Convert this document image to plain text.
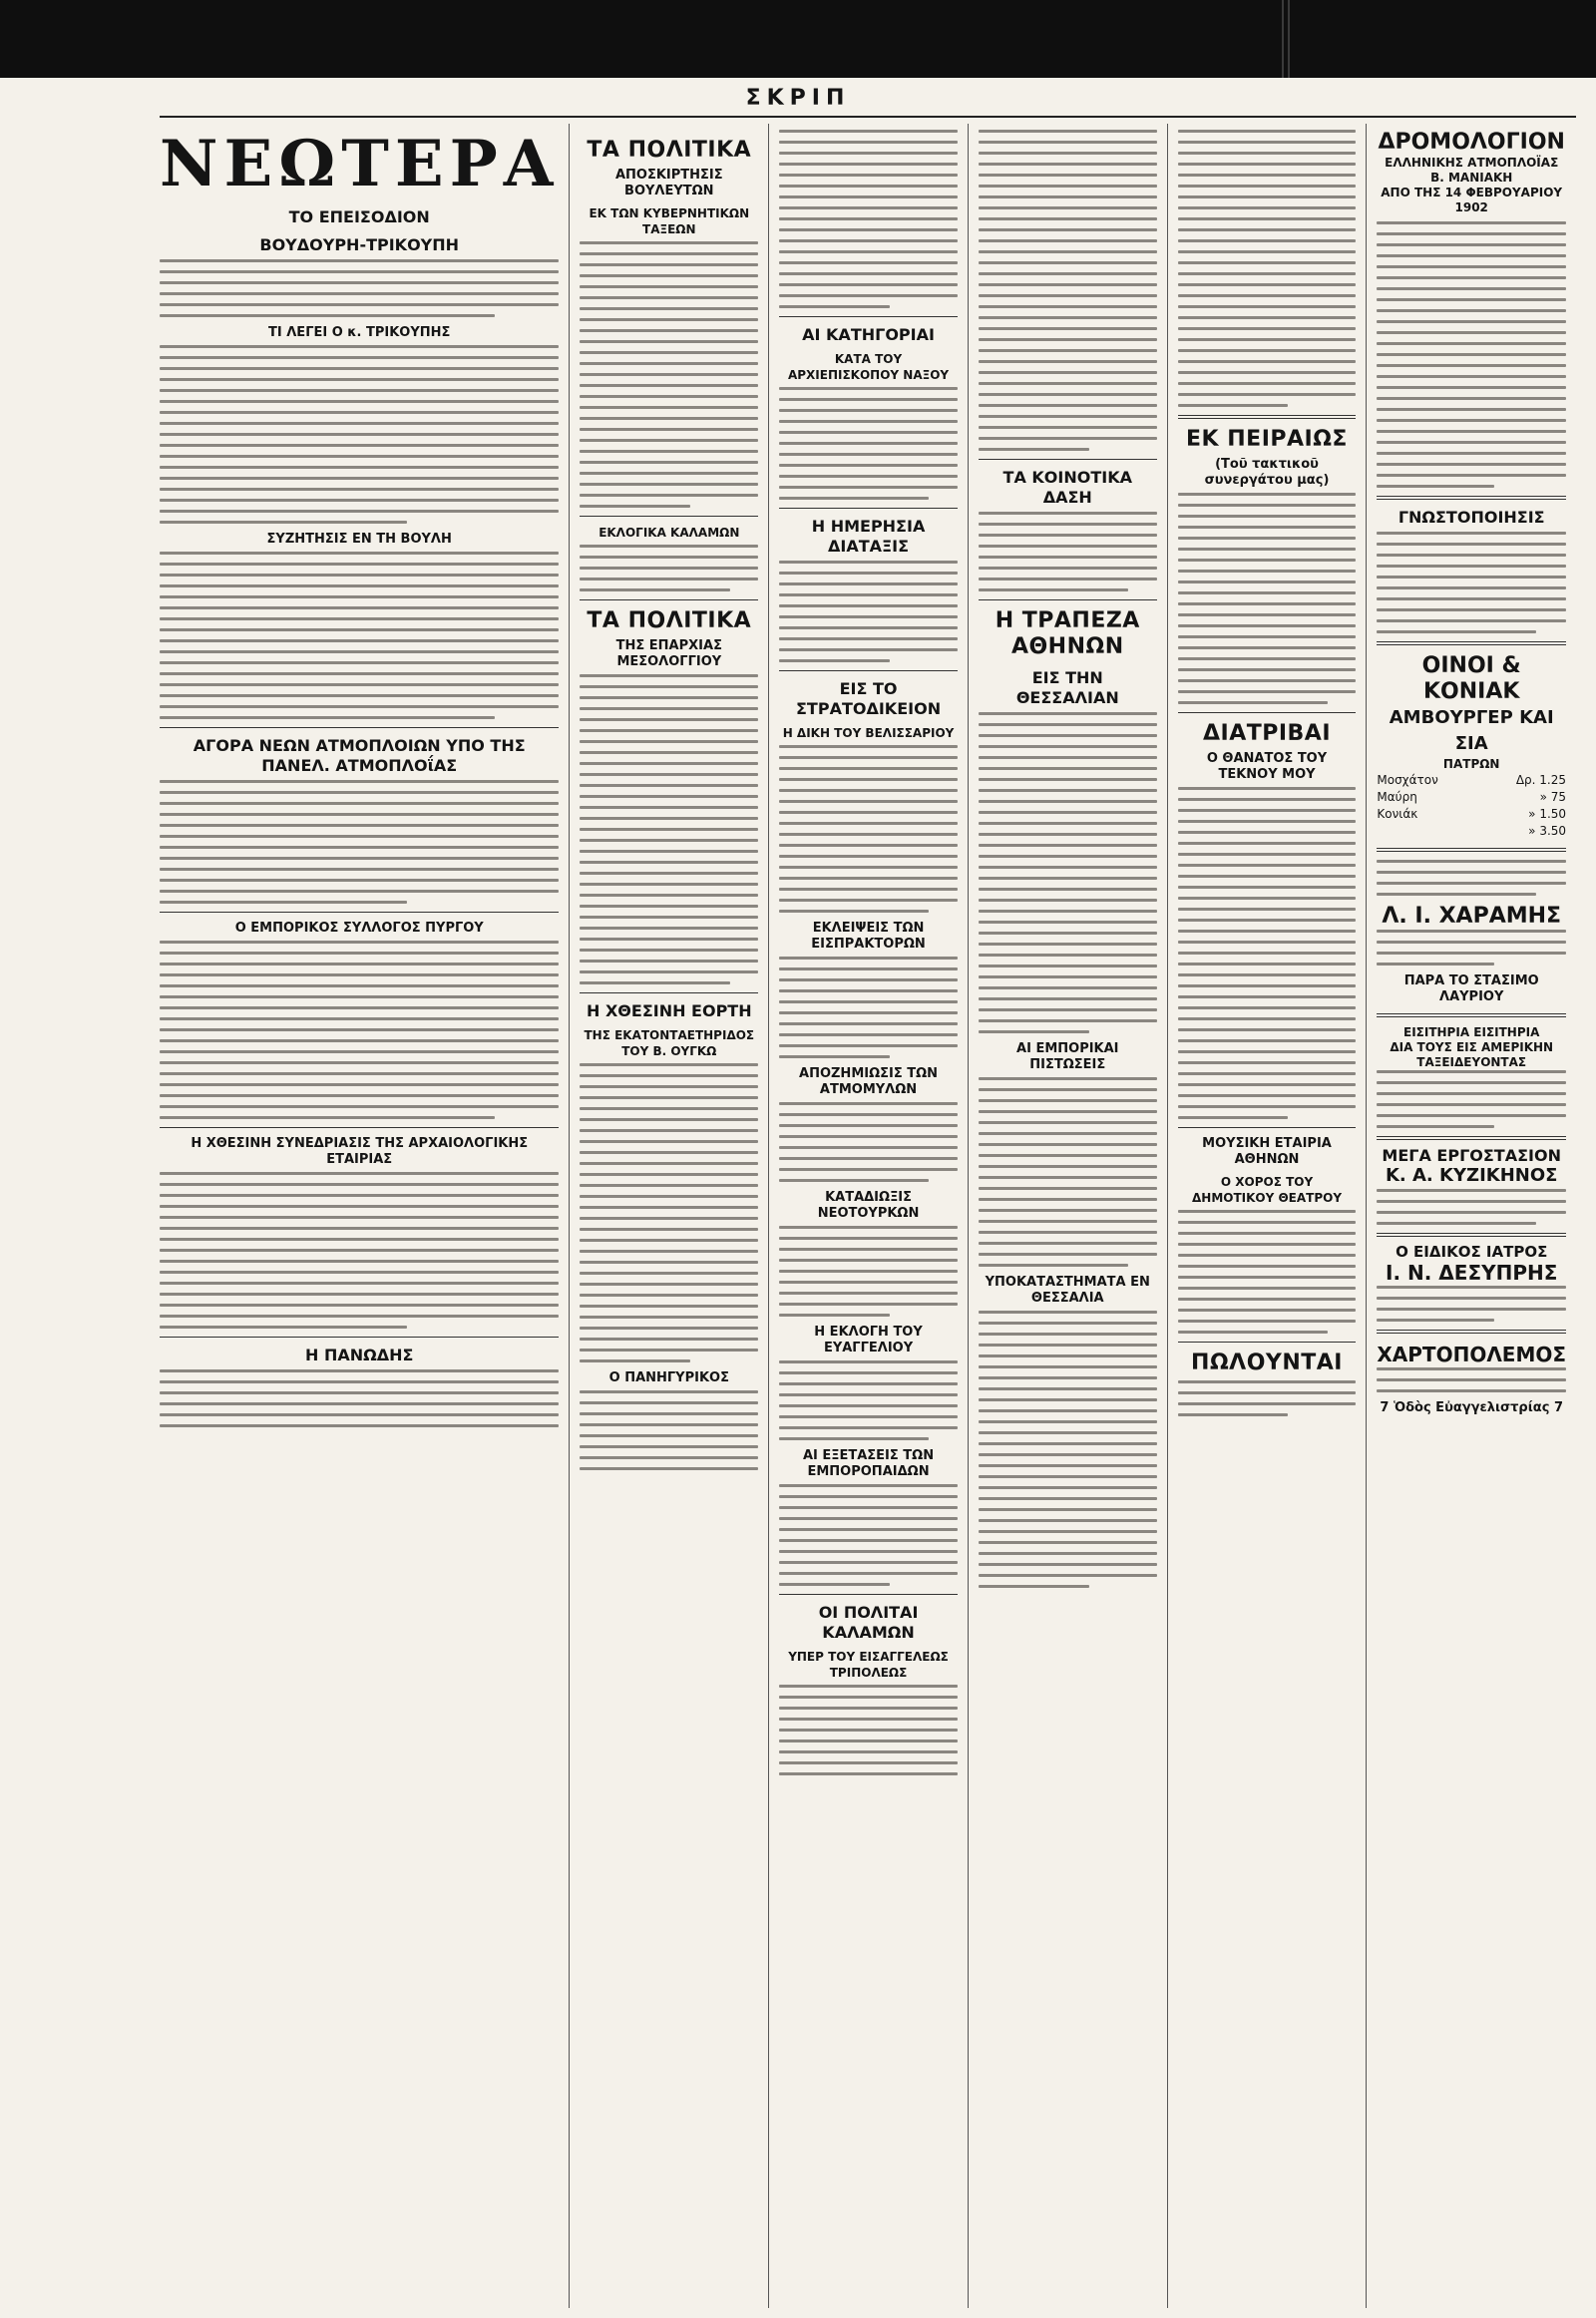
ΣΚΡΙΠ
ΝΕΩΤΕΡΑ
ΤΟ ΕΠΕΙΣΟΔΙΟΝ
ΒΟΥΔΟΥΡΗ-ΤΡΙΚΟΥΠΗ
ΤΙ ΛΕΓΕΙ Ο κ. ΤΡΙΚΟΥΠΗΣ
ΣΥΖΗΤΗΣΙΣ ΕΝ ΤΗ ΒΟΥΛΗ
ΑΓΟΡΑ ΝΕΩΝ ΑΤΜΟΠΛΟΙΩΝ ΥΠΟ ΤΗΣ ΠΑΝΕΛ. ΑΤΜΟΠΛΟΐΑΣ
Ο ΕΜΠΟΡΙΚΟΣ ΣΥΛΛΟΓΟΣ ΠΥΡΓΟΥ
Η ΧΘΕΣΙΝΗ ΣΥΝΕΔΡΙΑΣΙΣ ΤΗΣ ΑΡΧΑΙΟΛΟΓΙΚΗΣ ΕΤΑΙΡΙΑΣ
Η ΠΑΝΩΔΗΣ
ΤΑ ΠΟΛΙΤΙΚΑ
ΑΠΟΣΚΙΡΤΗΣΙΣ ΒΟΥΛΕΥΤΩΝ
ΕΚ ΤΩΝ ΚΥΒΕΡΝΗΤΙΚΩΝ ΤΑΞΕΩΝ
ΕΚΛΟΓΙΚΑ ΚΑΛΑΜΩΝ
ΤΑ ΠΟΛΙΤΙΚΑ
ΤΗΣ ΕΠΑΡΧΙΑΣ ΜΕΣΟΛΟΓΓΙΟΥ
Η ΧΘΕΣΙΝΗ ΕΟΡΤΗ
ΤΗΣ ΕΚΑΤΟΝΤΑΕΤΗΡΙΔΟΣ ΤΟΥ Β. ΟΥΓΚΩ
Ο ΠΑΝΗΓΥΡΙΚΟΣ
ΑΙ ΚΑΤΗΓΟΡΙΑΙ
ΚΑΤΑ ΤΟΥ ΑΡΧΙΕΠΙΣΚΟΠΟΥ ΝΑΞΟΥ
Η ΗΜΕΡΗΣΙΑ ΔΙΑΤΑΞΙΣ
ΕΙΣ ΤΟ ΣΤΡΑΤΟΔΙΚΕΙΟΝ
Η ΔΙΚΗ ΤΟΥ ΒΕΛΙΣΣΑΡΙΟΥ
ΕΚΛΕΙΨΕΙΣ ΤΩΝ ΕΙΣΠΡΑΚΤΟΡΩΝ
ΑΠΟΖΗΜΙΩΣΙΣ ΤΩΝ ΑΤΜΟΜΥΛΩΝ
ΚΑΤΑΔΙΩΞΙΣ ΝΕΟΤΟΥΡΚΩΝ
Η ΕΚΛΟΓΗ ΤΟΥ ΕΥΑΓΓΕΛΙΟΥ
ΑΙ ΕΞΕΤΑΣΕΙΣ ΤΩΝ ΕΜΠΟΡΟΠΑΙΔΩΝ
ΟΙ ΠΟΛΙΤΑΙ ΚΑΛΑΜΩΝ
ΥΠΕΡ ΤΟΥ ΕΙΣΑΓΓΕΛΕΩΣ ΤΡΙΠΟΛΕΩΣ
ΤΑ ΚΟΙΝΟΤΙΚΑ ΔΑΣΗ
Η ΤΡΑΠΕΖΑ ΑΘΗΝΩΝ
ΕΙΣ ΤΗΝ ΘΕΣΣΑΛΙΑΝ
ΑΙ ΕΜΠΟΡΙΚΑΙ ΠΙΣΤΩΣΕΙΣ
ΥΠΟΚΑΤΑΣΤΗΜΑΤΑ ΕΝ ΘΕΣΣΑΛΙΑ
ΕΚ ΠΕΙΡΑΙΩΣ
(Τοῦ τακτικοῦ συνεργάτου μας)
ΔΙΑΤΡΙΒΑΙ
Ο ΘΑΝΑΤΟΣ ΤΟΥ ΤΕΚΝΟΥ ΜΟΥ
ΜΟΥΣΙΚΗ ΕΤΑΙΡΙΑ ΑΘΗΝΩΝ
Ο ΧΟΡΟΣ ΤΟΥ ΔΗΜΟΤΙΚΟΥ ΘΕΑΤΡΟΥ
ΠΩΛΟΥΝΤΑΙ
ΔΡΟΜΟΛΟΓΙΟΝ
ΕΛΛΗΝΙΚΗΣ ΑΤΜΟΠΛΟΪΑΣ Β. ΜΑΝΙΑΚΗ
ΑΠΟ ΤΗΣ 14 ΦΕΒΡΟΥΑΡΙΟΥ 1902
ΓΝΩΣΤΟΠΟΙΗΣΙΣ
ΟΙΝΟΙ & ΚΟΝΙΑΚ
ΑΜΒΟΥΡΓΕΡ ΚΑΙ ΣΙΑ
ΠΑΤΡΩΝ
Μοσχάτον	Δρ. 1.25
Μαύρη	» 75
Κονιάκ	» 1.50
» 3.50
Λ. Ι. ΧΑΡΑΜΗΣ
ΠΑΡΑ ΤΟ ΣΤΑΣΙΜΟ ΛΑΥΡΙΟΥ
ΕΙΣΙΤΗΡΙΑ ΕΙΣΙΤΗΡΙΑ
ΔΙΑ ΤΟΥΣ ΕΙΣ ΑΜΕΡΙΚΗΝ ΤΑΞΕΙΔΕΥΟΝΤΑΣ
ΜΕΓΑ ΕΡΓΟΣΤΑΣΙΟΝ
Κ. Α. ΚΥΖΙΚΗΝΟΣ
Ο ΕΙΔΙΚΟΣ ΙΑΤΡΟΣ
Ι. Ν. ΔΕΣΥΠΡΗΣ
ΧΑΡΤΟΠΟΛΕΜΟΣ
7 Ὁδὸς Εὐαγγελιστρίας 7
